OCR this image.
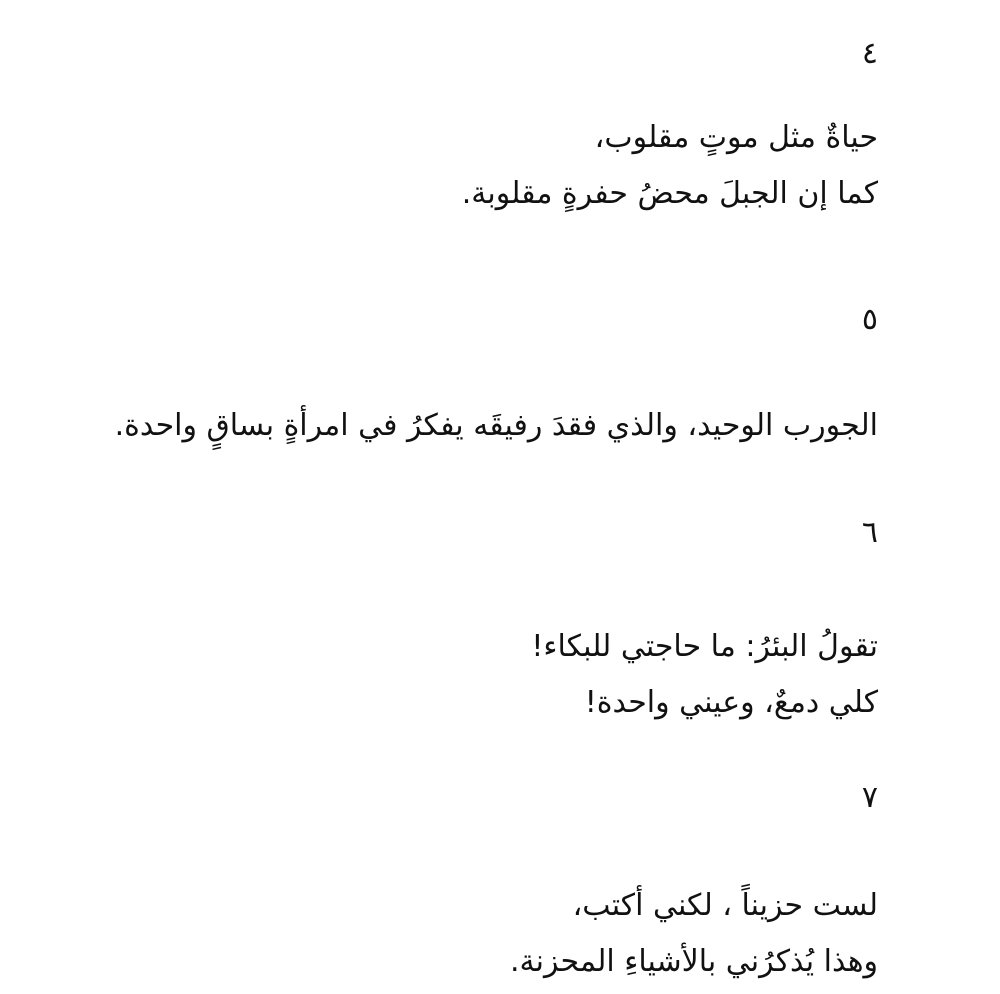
٤

حياةٌ مثل موتٍ مقلوب،

كما إن الجبلَ محضُ حفرةٍ مقلوبة.

٥

الجورب الوحيد، والذي فقدَ رفيقَه يفكرُ في امرأةٍ بساقٍ واحدة.

٦

تقولُ البئرُ: ما حاجتي للبكاء!

كلي دمعٌ، وعيني واحدة!

٧

لست حزيناً ، لكني أكتب،

وهذا يُذكرُني بالأشياءِ المحزنة.
